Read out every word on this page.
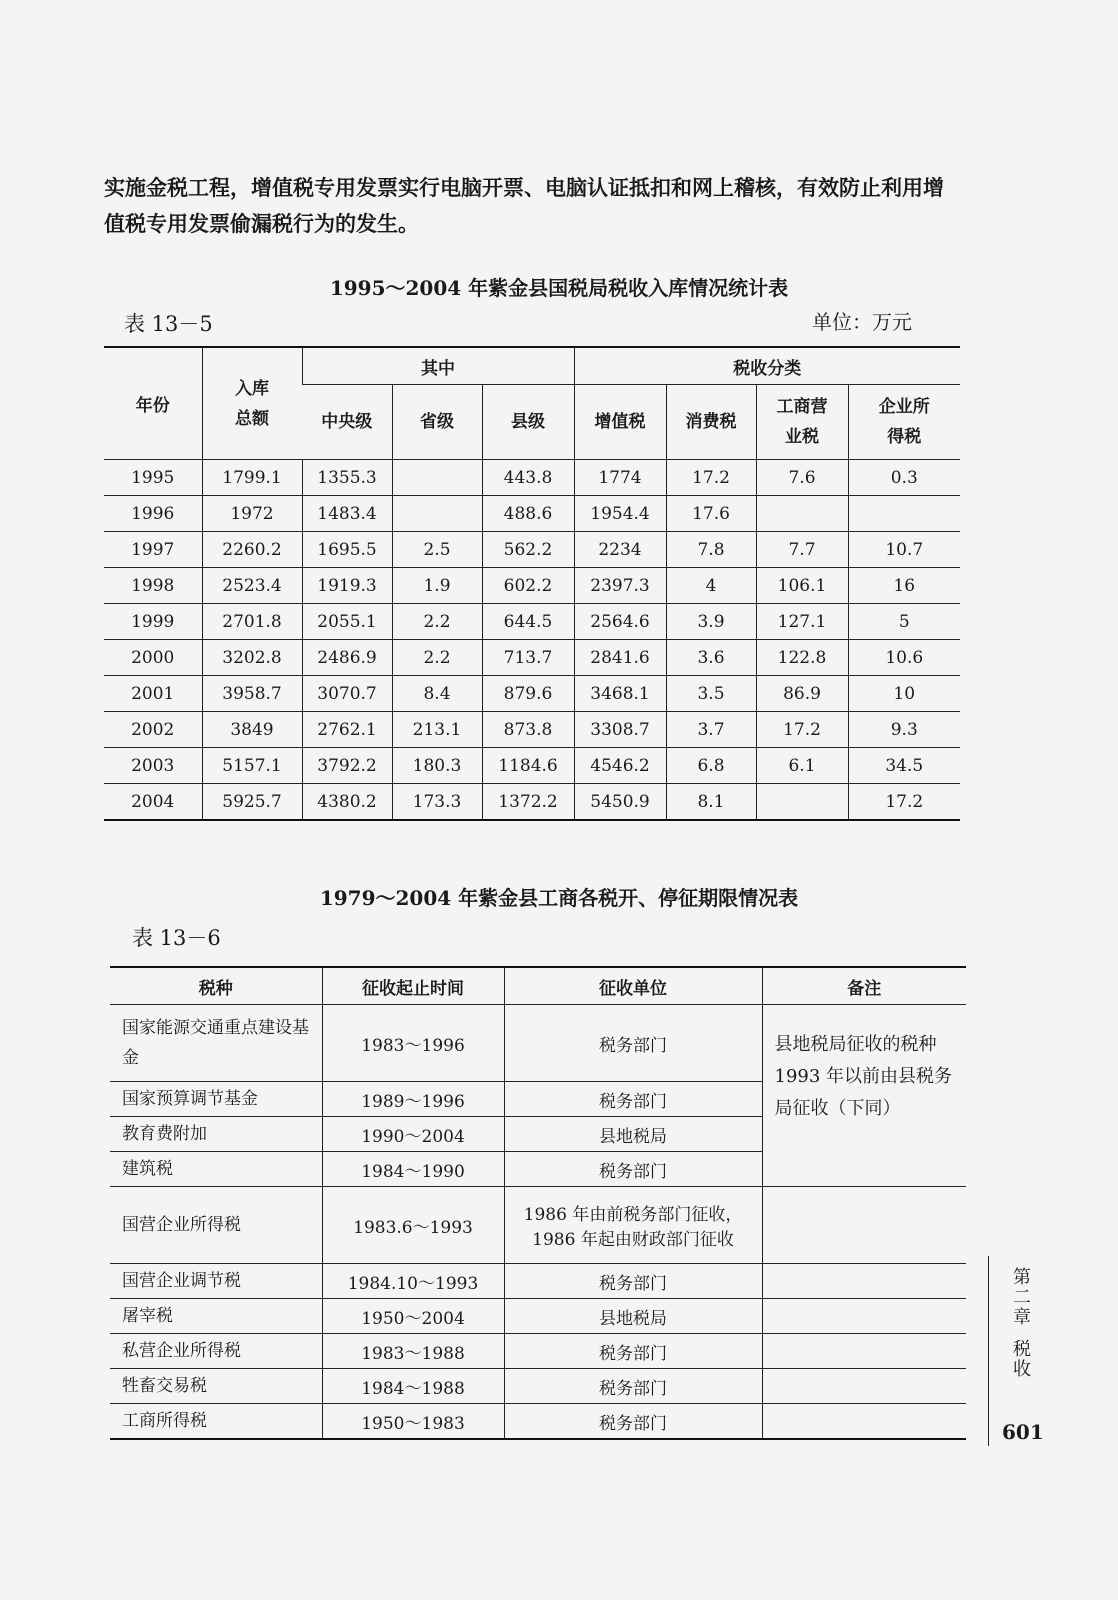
实施金税工程，增值税专用发票实行电脑开票、电脑认证抵扣和网上稽核，有效防止利用增值税专用发票偷漏税行为的发生。

1995～2004 年紫金县国税局税收入库情况统计表
表 13－5	单位：万元
年份	入库总额	其中			税收分类			
		中央级	省级	县级	增值税	消费税	工商营业税	企业所得税
1995	1799.1	1355.3		443.8	1774	17.2	7.6	0.3
1996	1972	1483.4		488.6	1954.4	17.6		
1997	2260.2	1695.5	2.5	562.2	2234	7.8	7.7	10.7
1998	2523.4	1919.3	1.9	602.2	2397.3	4	106.1	16
1999	2701.8	2055.1	2.2	644.5	2564.6	3.9	127.1	5
2000	3202.8	2486.9	2.2	713.7	2841.6	3.6	122.8	10.6
2001	3958.7	3070.7	8.4	879.6	3468.1	3.5	86.9	10
2002	3849	2762.1	213.1	873.8	3308.7	3.7	17.2	9.3
2003	5157.1	3792.2	180.3	1184.6	4546.2	6.8	6.1	34.5
2004	5925.7	4380.2	173.3	1372.2	5450.9	8.1		17.2
1979～2004 年紫金县工商各税开、停征期限情况表
表 13－6
税种	征收起止时间	征收单位	备注
国家能源交通重点建设基金	1983～1996	税务部门	县地税局征收的税种 1993 年以前由县税务局征收（下同）
国家预算调节基金	1989～1996	税务部门	
教育费附加	1990～2004	县地税局	
建筑税	1984～1990	税务部门	
国营企业所得税	1983.6～1993	1986 年由前税务部门征收，1986 年起由财政部门征收	
国营企业调节税	1984.10～1993	税务部门	
屠宰税	1950～2004	县地税局	
私营企业所得税	1983～1988	税务部门	
牲畜交易税	1984～1988	税务部门	
工商所得税	1950～1983	税务部门	
第
二
章
税
收
601
